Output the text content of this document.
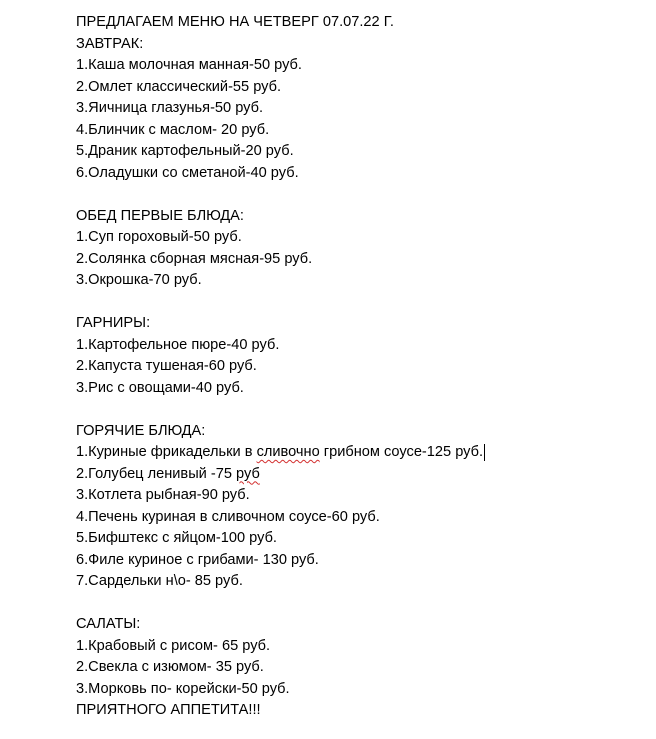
ПРЕДЛАГАЕМ МЕНЮ НА ЧЕТВЕРГ 07.07.22 Г.
ЗАВТРАК:
1.Каша молочная манная-50 руб.
2.Омлет классический-55 руб.
3.Яичница глазунья-50 руб.
4.Блинчик с маслом- 20 руб.
5.Драник картофельный-20 руб.
6.Оладушки со сметаной-40 руб.
ОБЕД ПЕРВЫЕ БЛЮДА:
1.Суп гороховый-50 руб.
2.Солянка сборная мясная-95 руб.
3.Окрошка-70 руб.
ГАРНИРЫ:
1.Картофельное пюре-40 руб.
2.Капуста тушеная-60 руб.
3.Рис с овощами-40 руб.
ГОРЯЧИЕ БЛЮДА:
1.Куриные фрикадельки в сливочно грибном соусе-125 руб.
2.Голубец ленивый -75 руб
3.Котлета рыбная-90 руб.
4.Печень куриная в сливочном соусе-60 руб.
5.Бифштекс с яйцом-100 руб.
6.Филе куриное с грибами- 130 руб.
7.Сардельки н\о- 85 руб.
САЛАТЫ:
1.Крабовый с рисом- 65 руб.
2.Свекла с изюмом- 35 руб.
3.Морковь по- корейски-50 руб.
ПРИЯТНОГО АППЕТИТА!!!
